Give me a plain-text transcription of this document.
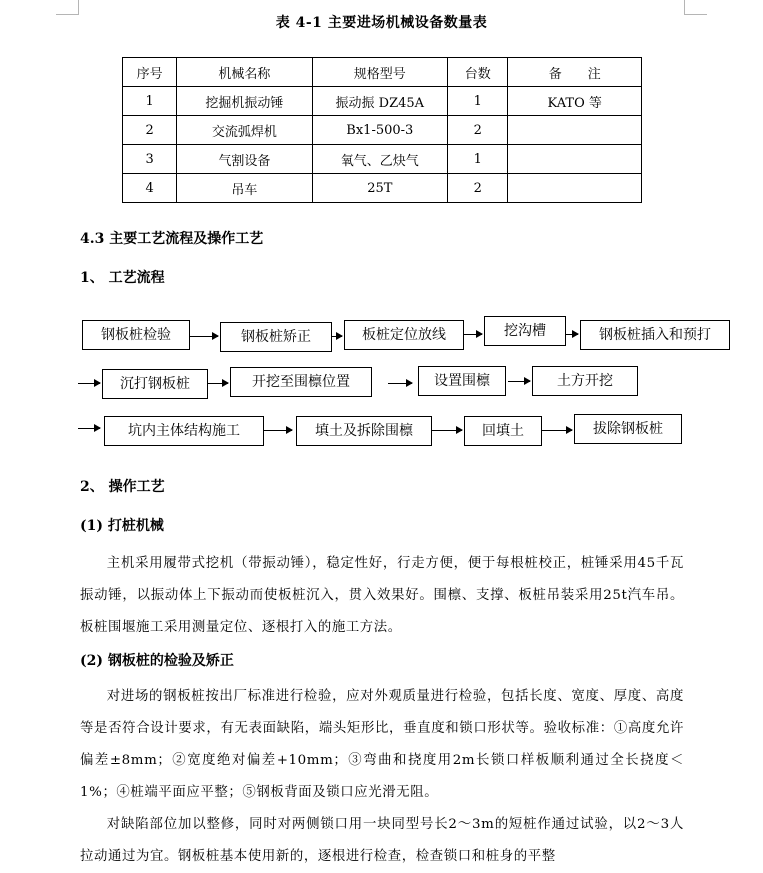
表 4-1 主要进场机械设备数量表
序号	机械名称	规格型号	台数	备　　注
1	挖掘机振动锤	振动振 DZ45A	1	KATO 等
2	交流弧焊机	Bx1-500-3	2	
3	气割设备	氧气、乙炔气	1	
4	吊车	25T	2	
4.3 主要工艺流程及操作工艺
1、 工艺流程
钢板桩检验	钢板桩矫正	板桩定位放线	挖沟槽	钢板桩插入和预打
沉打钢板桩	开挖至围檩位置	设置围檩	土方开挖
坑内主体结构施工	填土及拆除围檩	回填土	拔除钢板桩
2、 操作工艺
(1) 打桩机械

主机采用履带式挖机（带振动锤），稳定性好，行走方便，便于每根桩校正，桩锤采用45千瓦振动锤，以振动体上下振动而使板桩沉入，贯入效果好。围檩、支撑、板桩吊装采用25t汽车吊。板桩围堰施工采用测量定位、逐根打入的施工方法。

(2) 钢板桩的检验及矫正

对进场的钢板桩按出厂标准进行检验，应对外观质量进行检验，包括长度、宽度、厚度、高度等是否符合设计要求，有无表面缺陷，端头矩形比，垂直度和锁口形状等。验收标准：①高度允许偏差±8mm；②宽度绝对偏差+10mm；③弯曲和挠度用2m长锁口样板顺利通过全长挠度＜1%；④桩端平面应平整；⑤钢板背面及锁口应光滑无阻。

对缺陷部位加以整修，同时对两侧锁口用一块同型号长2～3m的短桩作通过试验，以2～3人拉动通过为宜。钢板桩基本使用新的，逐根进行检查，检查锁口和桩身的平整
